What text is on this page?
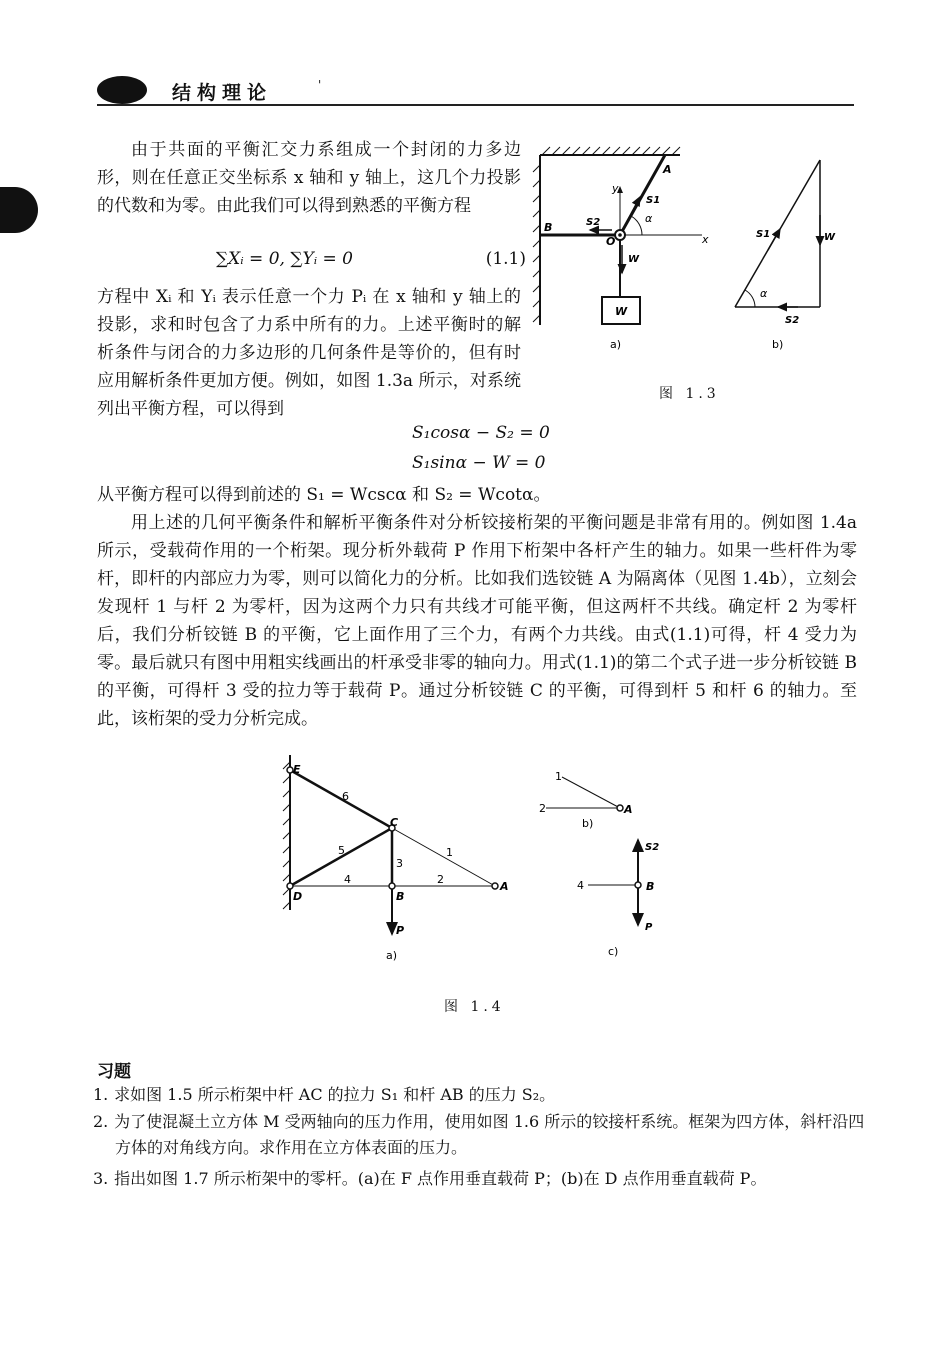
结构理论	'

由于共面的平衡汇交力系组成一个封闭的力多边形，则在任意正交坐标系 x 轴和 y 轴上，这几个力投影的代数和为零。由此我们可以得到熟悉的平衡方程

∑Xᵢ = 0, ∑Yᵢ = 0	(1.1)

方程中 Xᵢ 和 Yᵢ 表示任意一个力 Pᵢ 在 x 轴和 y 轴上的投影，求和时包含了力系中所有的力。上述平衡时的解析条件与闭合的力多边形的几何条件是等价的，但有时应用解析条件更加方便。例如，如图 1.3a 所示，对系统列出平衡方程，可以得到

S₁cosα − S₂ = 0
S₁sinα − W = 0

从平衡方程可以得到前述的 S₁ = Wcscα 和 S₂ = Wcotα。

用上述的几何平衡条件和解析平衡条件对分析铰接桁架的平衡问题是非常有用的。例如图 1.4a 所示，受载荷作用的一个桁架。现分析外载荷 P 作用下桁架中各杆产生的轴力。如果一些杆件为零杆，即杆的内部应力为零，则可以简化力的分析。比如我们选铰链 A 为隔离体（见图 1.4b），立刻会发现杆 1 与杆 2 为零杆，因为这两个力只有共线才可能平衡，但这两杆不共线。确定杆 2 为零杆后，我们分析铰链 B 的平衡，它上面作用了三个力，有两个力共线。由式(1.1)可得，杆 4 受力为零。最后就只有图中用粗实线画出的杆承受非零的轴向力。用式(1.1)的第二个式子进一步分析铰链 B 的平衡，可得杆 3 受的拉力等于载荷 P。通过分析铰链 C 的平衡，可得到杆 5 和杆 6 的轴力。至此，该桁架的受力分析完成。

A
B
O	x
y
S1
S2	α
W
W
a)
S1	W
S2
α
b)
图 1.3
E
C
D	B
A
6
1
5
3
4	2
P
a)
1
2	A
b)
S2
P
4	B
c)
图 1.4
习题

1. 求如图 1.5 所示桁架中杆 AC 的拉力 S₁ 和杆 AB 的压力 S₂。

2. 为了使混凝土立方体 M 受两轴向的压力作用，使用如图 1.6 所示的铰接杆系统。框架为四方体，斜杆沿四方体的对角线方向。求作用在立方体表面的压力。

3. 指出如图 1.7 所示桁架中的零杆。(a)在 F 点作用垂直载荷 P；(b)在 D 点作用垂直载荷 P。
